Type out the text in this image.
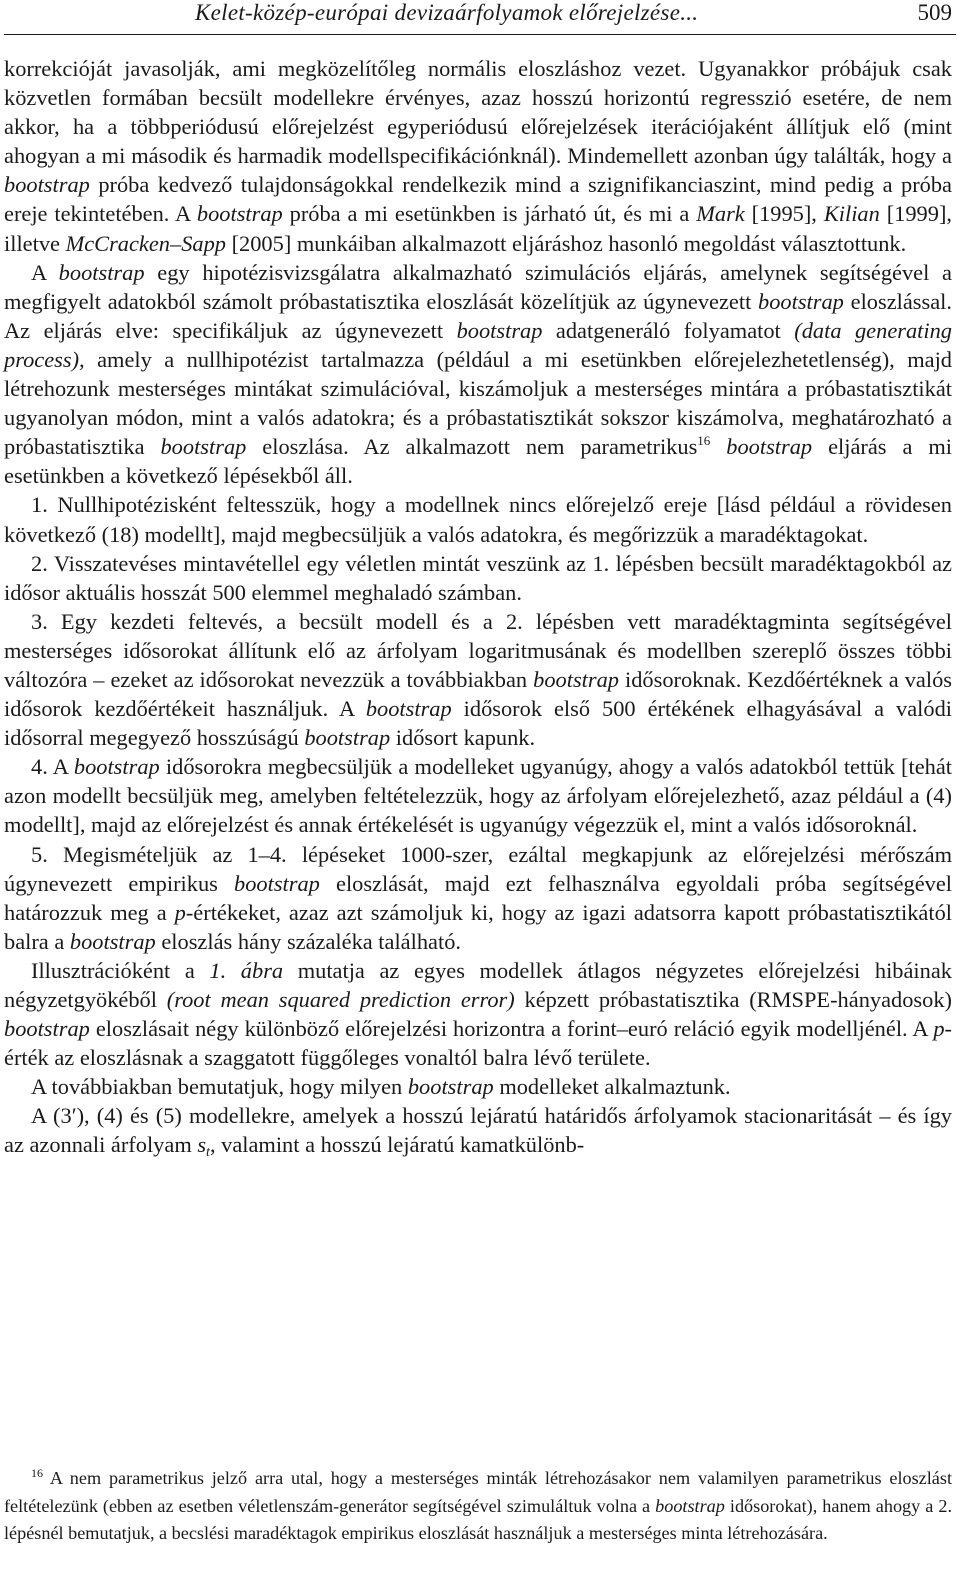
Kelet-közép-európai devizaárfolyamok előrejelzése...	509

korrekcióját javasolják, ami megközelítőleg normális eloszláshoz vezet. Ugyanakkor próbájuk csak közvetlen formában becsült modellekre érvényes, azaz hosszú horizontú regresszió esetére, de nem akkor, ha a többperiódusú előrejelzést egyperiódusú előrejelzések iterációjaként állítjuk elő (mint ahogyan a mi második és harmadik modellspecifikációnknál). Mindemellett azonban úgy találták, hogy a bootstrap próba kedvező tulajdonságokkal rendelkezik mind a szignifikanciaszint, mind pedig a próba ereje tekintetében. A bootstrap próba a mi esetünkben is járható út, és mi a Mark [1995], Kilian [1999], illetve McCracken–Sapp [2005] munkáiban alkalmazott eljáráshoz hasonló megoldást választottunk.

A bootstrap egy hipotézisvizsgálatra alkalmazható szimulációs eljárás, amelynek segítségével a megfigyelt adatokból számolt próbastatisztika eloszlását közelítjük az úgynevezett bootstrap eloszlással. Az eljárás elve: specifikáljuk az úgynevezett bootstrap adatgeneráló folyamatot (data generating process), amely a nullhipotézist tartalmazza (például a mi esetünkben előrejelezhetetlenség), majd létrehozunk mesterséges mintákat szimulációval, kiszámoljuk a mesterséges mintára a próbastatisztikát ugyanolyan módon, mint a valós adatokra; és a próbastatisztikát sokszor kiszámolva, meghatározható a próbastatisztika bootstrap eloszlása. Az alkalmazott nem parametrikus$^{16}$ bootstrap eljárás a mi esetünkben a következő lépésekből áll.

1. Nullhipotézisként feltesszük, hogy a modellnek nincs előrejelző ereje [lásd például a rövidesen következő (18) modellt], majd megbecsüljük a valós adatokra, és megőrizzük a maradéktagokat.

2. Visszatevéses mintavétellel egy véletlen mintát veszünk az 1. lépésben becsült maradéktagokból az idősor aktuális hosszát 500 elemmel meghaladó számban.

3. Egy kezdeti feltevés, a becsült modell és a 2. lépésben vett maradéktagminta segítségével mesterséges idősorokat állítunk elő az árfolyam logaritmusának és modellben szereplő összes többi változóra – ezeket az idősorokat nevezzük a továbbiakban bootstrap idősoroknak. Kezdőértéknek a valós idősorok kezdőértékeit használjuk. A bootstrap idősorok első 500 értékének elhagyásával a valódi idősorral megegyező hosszúságú bootstrap idősort kapunk.

4. A bootstrap idősorokra megbecsüljük a modelleket ugyanúgy, ahogy a valós adatokból tettük [tehát azon modellt becsüljük meg, amelyben feltételezzük, hogy az árfolyam előrejelezhető, azaz például a (4) modellt], majd az előrejelzést és annak értékelését is ugyanúgy végezzük el, mint a valós idősoroknál.

5. Megismételjük az 1–4. lépéseket 1000-szer, ezáltal megkapjunk az előrejelzési mérőszám úgynevezett empirikus bootstrap eloszlását, majd ezt felhasználva egyoldali próba segítségével határozzuk meg a p-értékeket, azaz azt számoljuk ki, hogy az igazi adatsorra kapott próbastatisztikától balra a bootstrap eloszlás hány százaléka található.

Illusztrációként a 1. ábra mutatja az egyes modellek átlagos négyzetes előrejelzési hibáinak négyzetgyökéből (root mean squared prediction error) képzett próbastatisztika (RMSPE-hányadosok) bootstrap eloszlásait négy különböző előrejelzési horizontra a forint–euró reláció egyik modelljénél. A p-érték az eloszlásnak a szaggatott függőleges vonaltól balra lévő területe.

A továbbiakban bemutatjuk, hogy milyen bootstrap modelleket alkalmaztunk.

A (3′), (4) és (5) modellekre, amelyek a hosszú lejáratú határidős árfolyamok stacionaritását – és így az azonnali árfolyam $s_t$, valamint a hosszú lejáratú kamatkülönb-

$^{16}$ A nem parametrikus jelző arra utal, hogy a mesterséges minták létrehozásakor nem valamilyen parametrikus eloszlást feltételezünk (ebben az esetben véletlenszám-generátor segítségével szimuláltuk volna a bootstrap idősorokat), hanem ahogy a 2. lépésnél bemutatjuk, a becslési maradéktagok empirikus eloszlását használjuk a mesterséges minta létrehozására.
